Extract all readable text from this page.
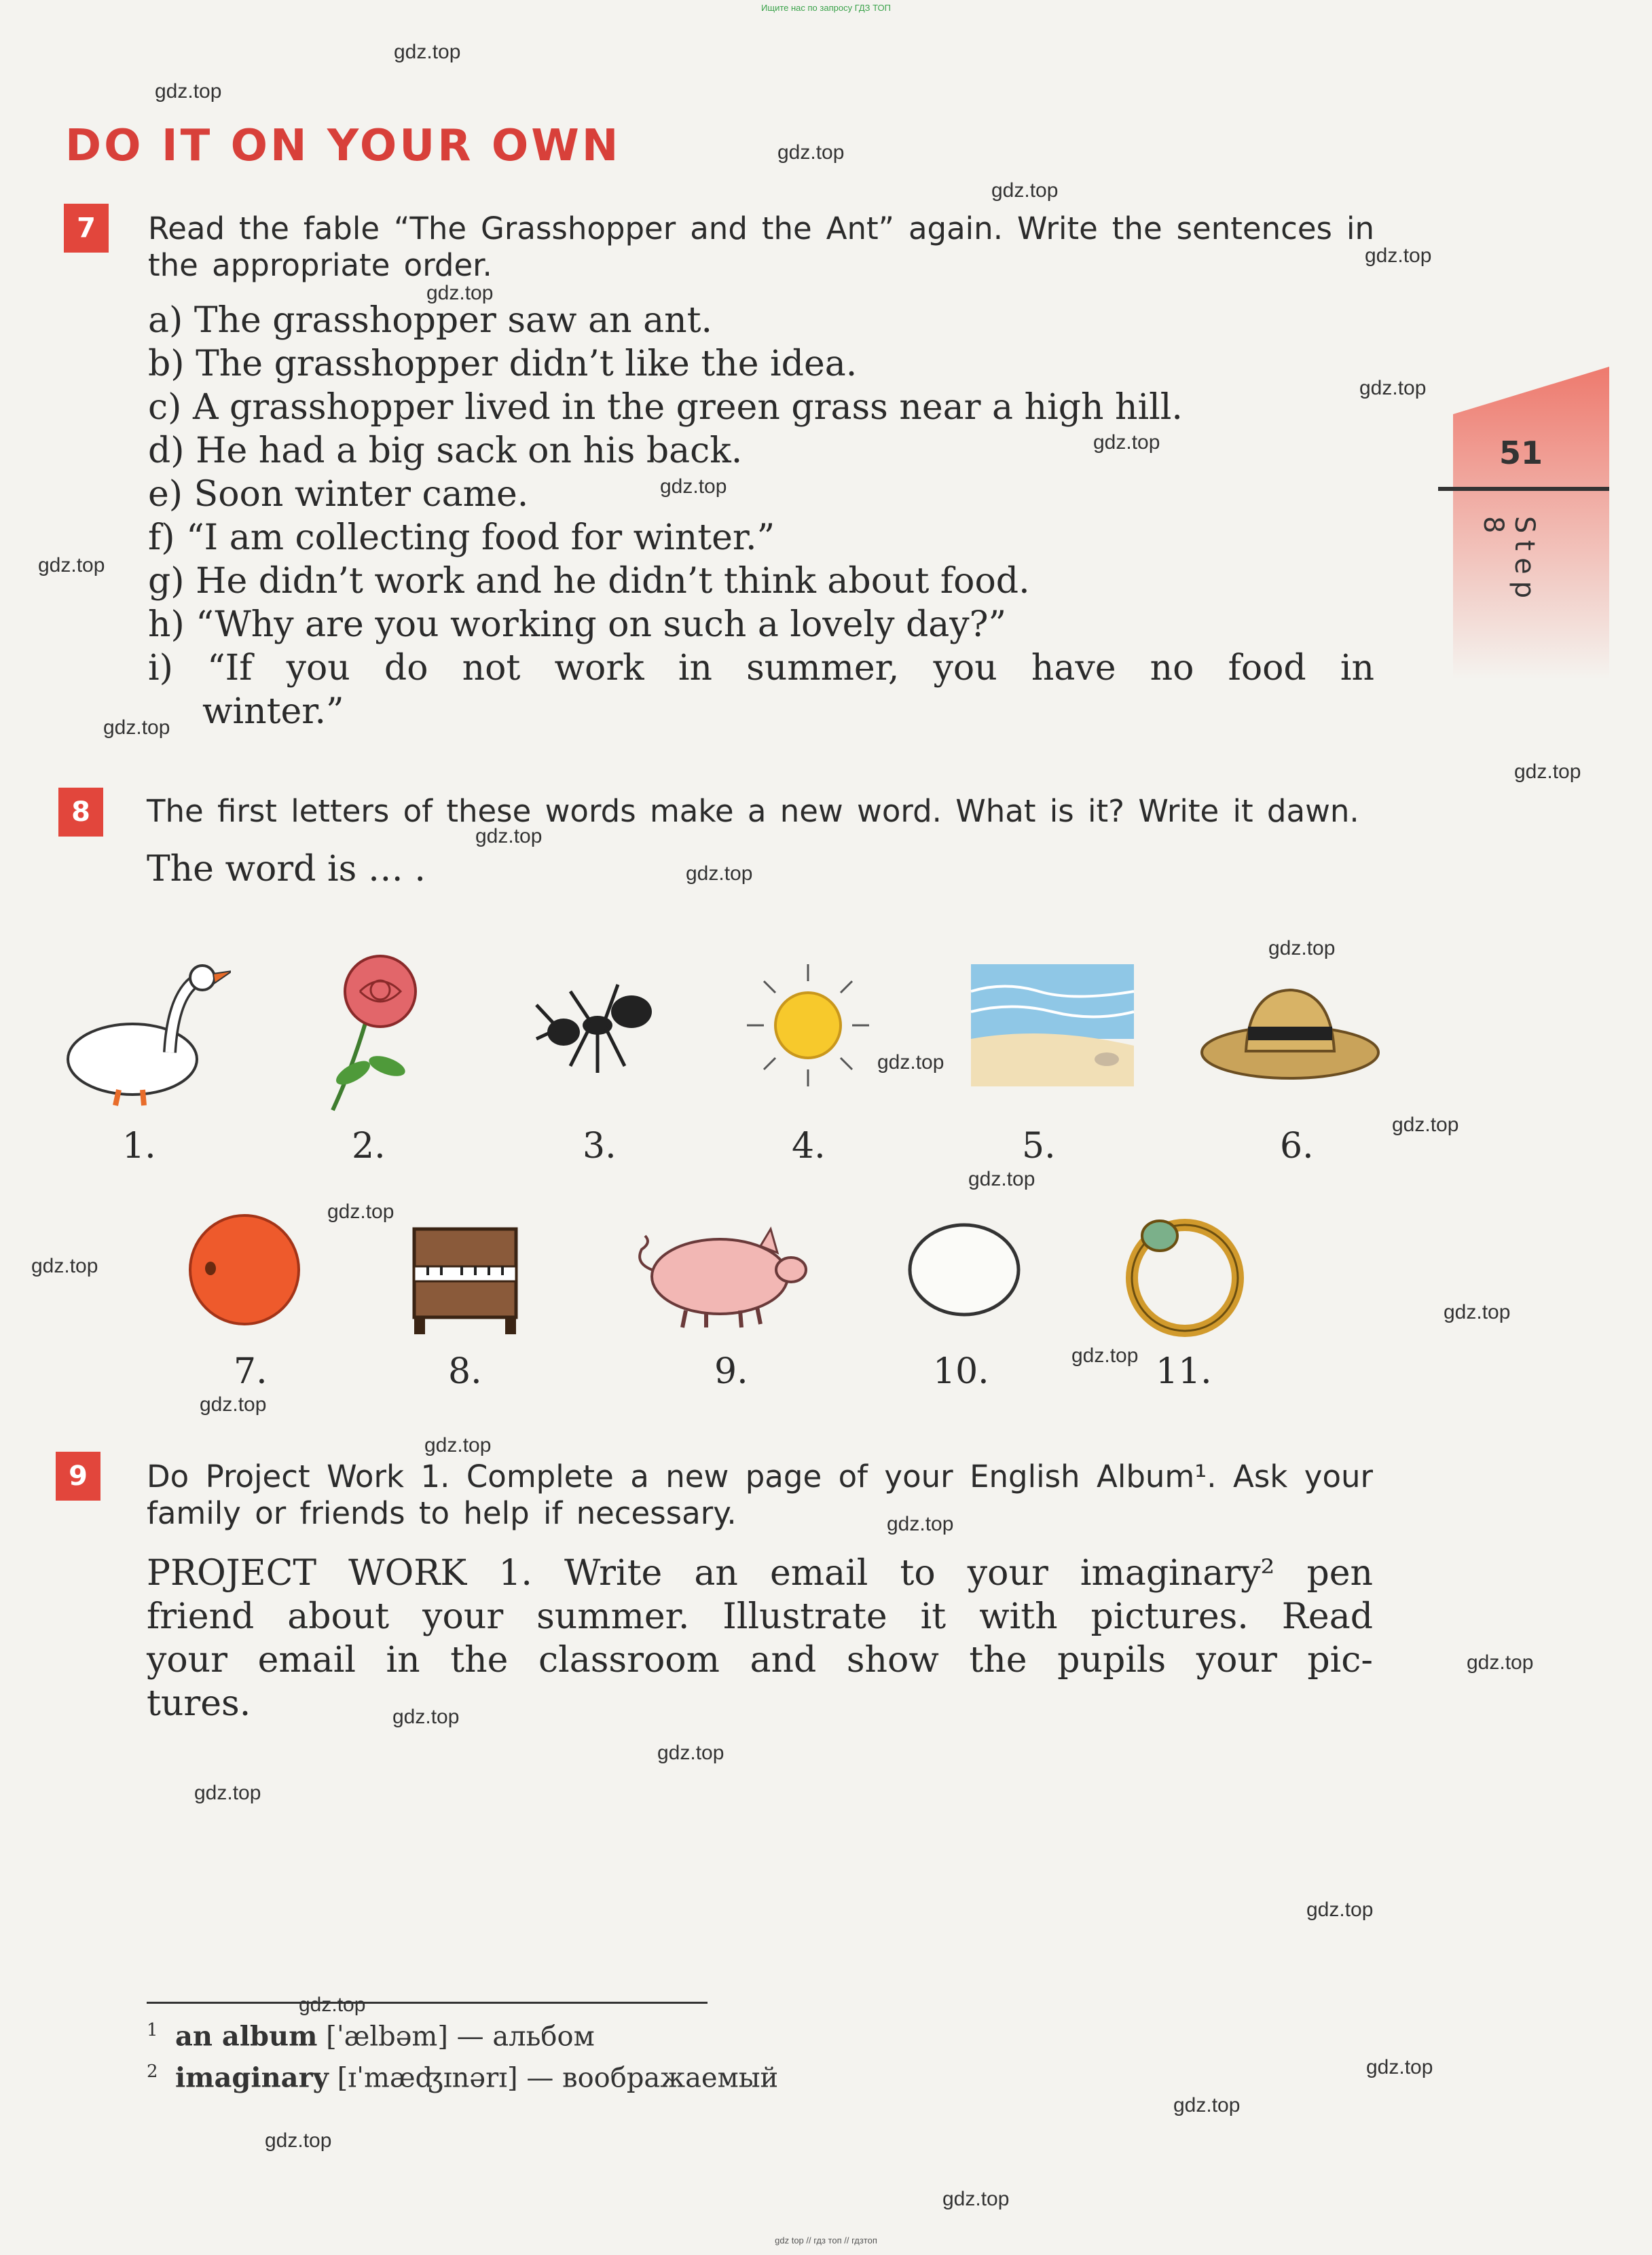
Ищите нас по запросу ГДЗ ТОП
gdz top // гдз топ // гдзтоп
51
Step 8
DO IT ON YOUR OWN
7	Read the fable “The Grasshopper and the Ant” again. Write the sentences in the appropriate order.
a) The grasshopper saw an ant.
b) The grasshopper didn’t like the idea.
c) A grasshopper lived in the green grass near a high hill.
d) He had a big sack on his back.
e) Soon winter came.
f) “I am collecting food for winter.”
g) He didn’t work and he didn’t think about food.
h) “Why are you working on such a lovely day?”
i) “If you do not work in summer, you have no food in
winter.”
8	The first letters of these words make a new word. What is it? Write it dawn.
The word is … .
1.	2.	3.	4.	5.	6.
7.	8.	9.	10.	11.
9	Do Project Work 1. Complete a new page of your English Album¹. Ask your
family or friends to help if necessary.
PROJECT WORK 1. Write an email to your imaginary² pen
friend about your summer. Illustrate it with pictures. Read
your email in the classroom and show the pupils your pic-
tures.
$^1$ an album [ˈælbəm] — альбом
$^2$ imaginary [ɪˈmæʤɪnərɪ] — воображаемый
gdz.top
gdz.top
gdz.top
gdz.top
gdz.top
gdz.top
gdz.top
gdz.top
gdz.top
gdz.top
gdz.top
gdz.top
gdz.top
gdz.top
gdz.top
gdz.top
gdz.top
gdz.top
gdz.top
gdz.top
gdz.top
gdz.top
gdz.top
gdz.top
gdz.top
gdz.top
gdz.top
gdz.top
gdz.top
gdz.top
gdz.top
gdz.top
gdz.top
gdz.top
gdz.top
